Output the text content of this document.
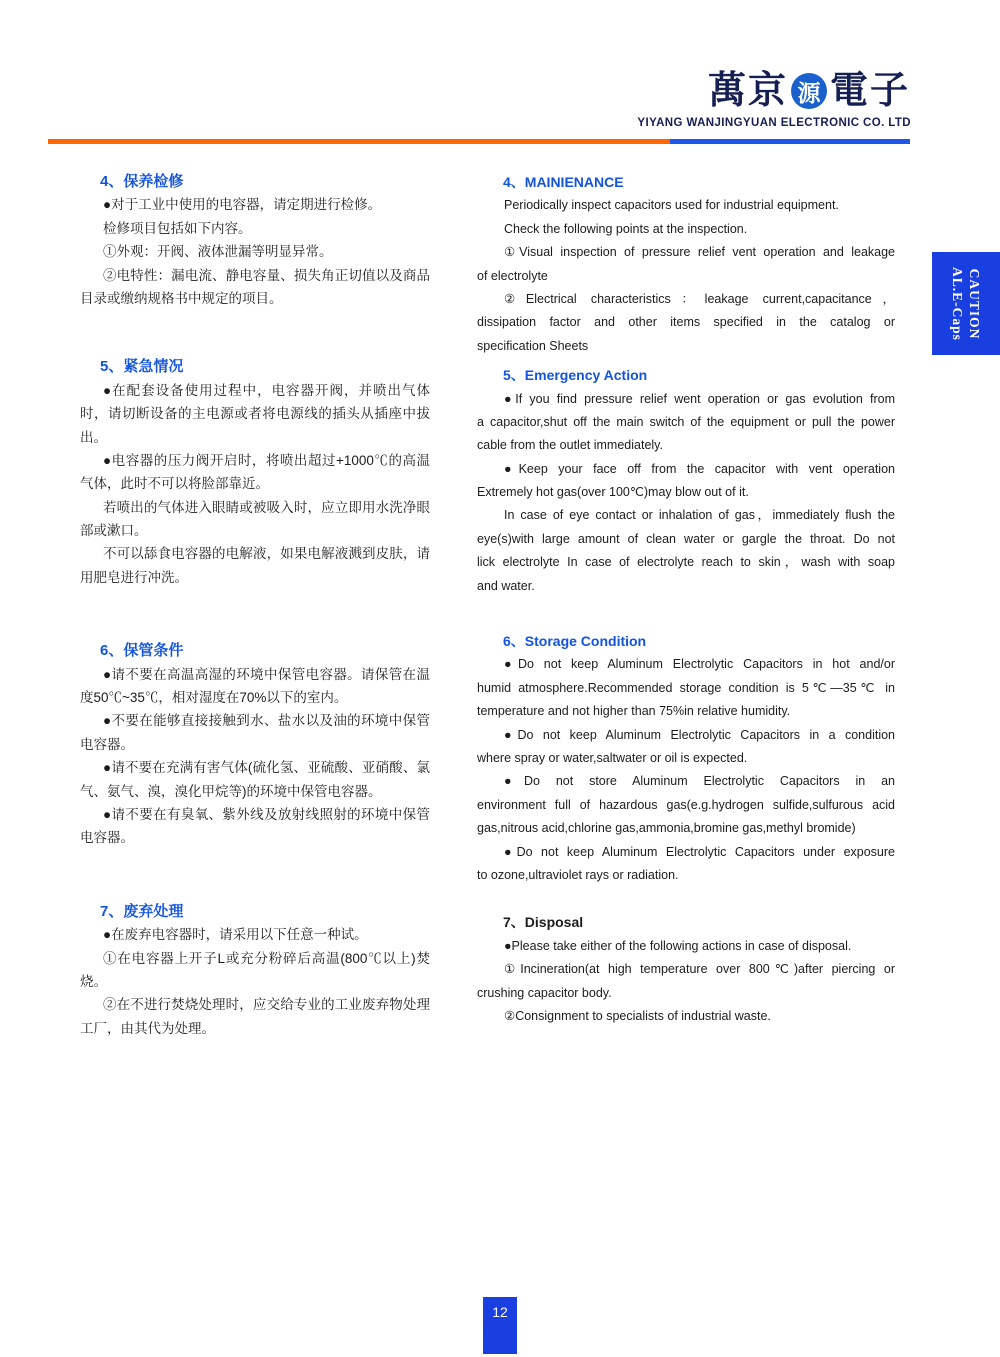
萬京 源 電子
YIYANG WANJINGYUAN ELECTRONIC CO. LTD
CAUTION
AL.E-Caps
4、保养检修
●对于工业中使用的电容器，请定期进行检修。
检修项目包括如下内容。
①外观：开阀、液体泄漏等明显异常。
②电特性：漏电流、静电容量、损失角正切值以及商品
目录或缴纳规格书中规定的项目。
5、紧急情况
●在配套设备使用过程中，电容器开阀，并喷出气体
时，请切断设备的主电源或者将电源线的插头从插座中拔
出。
●电容器的压力阀开启时，将喷出超过+1000℃的高温
气体，此时不可以将脸部靠近。
若喷出的气体进入眼睛或被吸入时，应立即用水洗净眼
部或漱口。
不可以舔食电容器的电解液，如果电解液溅到皮肤，请
用肥皂进行冲洗。
6、保管条件
●请不要在高温高湿的环境中保管电容器。请保管在温
度50℃~35℃，相对湿度在70%以下的室内。
●不要在能够直接接触到水、盐水以及油的环境中保管
电容器。
●请不要在充满有害气体(硫化氢、亚硫酸、亚硝酸、氯
气、氨气、溴，溴化甲烷等)的环境中保管电容器。
●请不要在有臭氧、紫外线及放射线照射的环境中保管
电容器。
7、废弃处理
●在废弃电容器时，请采用以下任意一种试。
①在电容器上开子L或充分粉碎后高温(800℃以上)焚
烧。
②在不进行焚烧处理时，应交给专业的工业废弃物处理
工厂，由其代为处理。
4、MAINIENANCE
Periodically inspect capacitors used for industrial equipment.
Check the following points at the inspection.
①Visual inspection of pressure relief vent operation and leakage
of electrolyte
②Electrical characteristics：leakage current,capacitance，
dissipation factor and other items specified in the catalog or
specification Sheets
5、Emergency Action
●If you find pressure relief went operation or gas evolution from
a capacitor,shut off the main switch of the equipment or pull the power
cable from the outlet immediately.
●Keep your face off from the capacitor with vent operation
Extremely hot gas(over 100℃)may blow out of it.
In case of eye contact or inhalation of gas，immediately flush the
eye(s)with large amount of clean water or gargle the throat. Do not
lick electrolyte In case of electrolyte reach to skin，wash with soap
and water.
6、Storage Condition
●Do not keep Aluminum Electrolytic Capacitors in hot and/or
humid atmosphere.Recommended storage condition is 5℃—35℃ in
temperature and not higher than 75%in relative humidity.
●Do not keep Aluminum Electrolytic Capacitors in a condition
where spray or water,saltwater or oil is expected.
●Do not store Aluminum Electrolytic Capacitors in an
environment full of hazardous gas(e.g.hydrogen sulfide,sulfurous acid
gas,nitrous acid,chlorine gas,ammonia,bromine gas,methyl bromide)
●Do not keep Aluminum Electrolytic Capacitors under exposure
to ozone,ultraviolet rays or radiation.
7、Disposal
●Please take either of the following actions in case of disposal.
①Incineration(at high temperature over 800℃)after piercing or
crushing capacitor body.
②Consignment to specialists of industrial waste.
12
